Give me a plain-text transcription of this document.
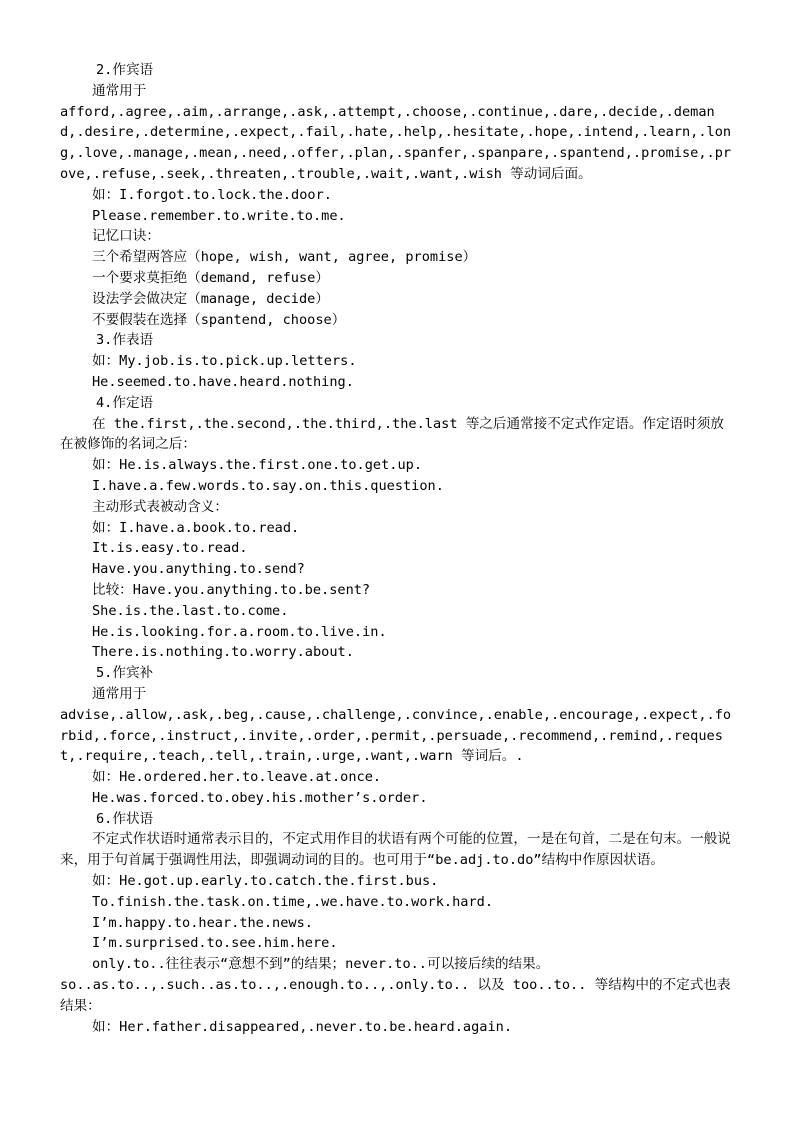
2.作宾语

通常用于

afford,.agree,.aim,.arrange,.ask,.attempt,.choose,.continue,.dare,.decide,.demand,.desire,.determine,.expect,.fail,.hate,.help,.hesitate,.hope,.intend,.learn,.long,.love,.manage,.mean,.need,.offer,.plan,.spanfer,.spanpare,.spantend,.promise,.prove,.refuse,.seek,.threaten,.trouble,.wait,.want,.wish 等动词后面。

如：I.forgot.to.lock.the.door.

Please.remember.to.write.to.me.

记忆口诀：

三个希望两答应（hope, wish, want, agree, promise）

一个要求莫拒绝（demand, refuse）

设法学会做决定（manage, decide）

不要假装在选择（spantend, choose）

3.作表语

如：My.job.is.to.pick.up.letters.

He.seemed.to.have.heard.nothing.

4.作定语

在 the.first,.the.second,.the.third,.the.last 等之后通常接不定式作定语。作定语时须放在被修饰的名词之后：

如：He.is.always.the.first.one.to.get.up.

I.have.a.few.words.to.say.on.this.question.

主动形式表被动含义：

如：I.have.a.book.to.read.

It.is.easy.to.read.

Have.you.anything.to.send?

比较：Have.you.anything.to.be.sent?

She.is.the.last.to.come.

He.is.looking.for.a.room.to.live.in.

There.is.nothing.to.worry.about.

5.作宾补

通常用于

advise,.allow,.ask,.beg,.cause,.challenge,.convince,.enable,.encourage,.expect,.forbid,.force,.instruct,.invite,.order,.permit,.persuade,.recommend,.remind,.request,.require,.teach,.tell,.train,.urge,.want,.warn 等词后。.

如：He.ordered.her.to.leave.at.once.

He.was.forced.to.obey.his.mother’s.order.

6.作状语

不定式作状语时通常表示目的，不定式用作目的状语有两个可能的位置，一是在句首，二是在句末。一般说来，用于句首属于强调性用法，即强调动词的目的。也可用于“be.adj.to.do”结构中作原因状语。

如：He.got.up.early.to.catch.the.first.bus.

To.finish.the.task.on.time,.we.have.to.work.hard.

I’m.happy.to.hear.the.news.

I’m.surprised.to.see.him.here.

only.to..往往表示“意想不到”的结果；never.to..可以接后续的结果。

so..as.to..,.such..as.to..,.enough.to..,.only.to.. 以及 too..to.. 等结构中的不定式也表结果：

如：Her.father.disappeared,.never.to.be.heard.again.
